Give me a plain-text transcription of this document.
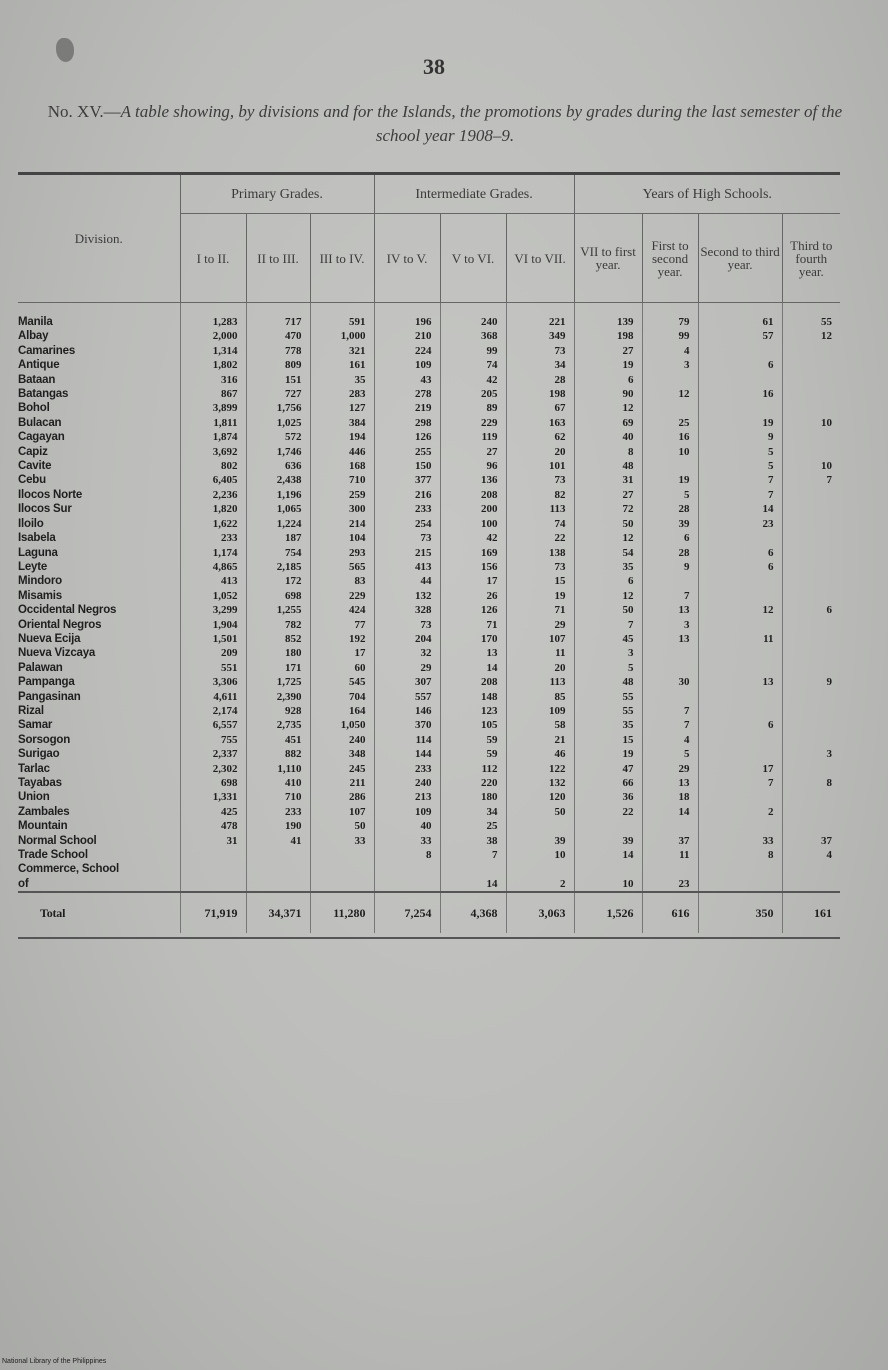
38
No. XV.—A table showing, by divisions and for the Islands, the promotions by grades during the last semester of the school year 1908–9.
Division.	Primary Grades.			Intermediate Grades.			Years of High Schools.			
	I to II.	II to III.	III to IV.	IV to V.	V to VI.	VI to VII.	VII to first year.	First to second year.	Second to third year.	Third to fourth year.
Manila	1,283	717	591	196	240	221	139	79	61	55
Albay	2,000	470	1,000	210	368	349	198	99	57	12
Camarines	1,314	778	321	224	99	73	27	4		
Antique	1,802	809	161	109	74	34	19	3	6	
Bataan	316	151	35	43	42	28	6			
Batangas	867	727	283	278	205	198	90	12	16	
Bohol	3,899	1,756	127	219	89	67	12			
Bulacan	1,811	1,025	384	298	229	163	69	25	19	10
Cagayan	1,874	572	194	126	119	62	40	16	9	
Capiz	3,692	1,746	446	255	27	20	8	10	5	
Cavite	802	636	168	150	96	101	48		5	10
Cebu	6,405	2,438	710	377	136	73	31	19	7	7
Ilocos Norte	2,236	1,196	259	216	208	82	27	5	7	
Ilocos Sur	1,820	1,065	300	233	200	113	72	28	14	
Iloilo	1,622	1,224	214	254	100	74	50	39	23	
Isabela	233	187	104	73	42	22	12	6		
Laguna	1,174	754	293	215	169	138	54	28	6	
Leyte	4,865	2,185	565	413	156	73	35	9	6	
Mindoro	413	172	83	44	17	15	6			
Misamis	1,052	698	229	132	26	19	12	7		
Occidental Negros	3,299	1,255	424	328	126	71	50	13	12	6
Oriental Negros	1,904	782	77	73	71	29	7	3		
Nueva Ecija	1,501	852	192	204	170	107	45	13	11	
Nueva Vizcaya	209	180	17	32	13	11	3			
Palawan	551	171	60	29	14	20	5			
Pampanga	3,306	1,725	545	307	208	113	48	30	13	9
Pangasinan	4,611	2,390	704	557	148	85	55			
Rizal	2,174	928	164	146	123	109	55	7		
Samar	6,557	2,735	1,050	370	105	58	35	7	6	
Sorsogon	755	451	240	114	59	21	15	4		
Surigao	2,337	882	348	144	59	46	19	5		3
Tarlac	2,302	1,110	245	233	112	122	47	29	17	
Tayabas	698	410	211	240	220	132	66	13	7	8
Union	1,331	710	286	213	180	120	36	18		
Zambales	425	233	107	109	34	50	22	14	2	
Mountain	478	190	50	40	25					
Normal School	31	41	33	33	38	39	39	37	33	37
Trade School				8	7	10	14	11	8	4
Commerce, School										
of					14	2	10	23		
Total	71,919	34,371	11,280	7,254	4,368	3,063	1,526	616	350	161
National Library of the Philippines
